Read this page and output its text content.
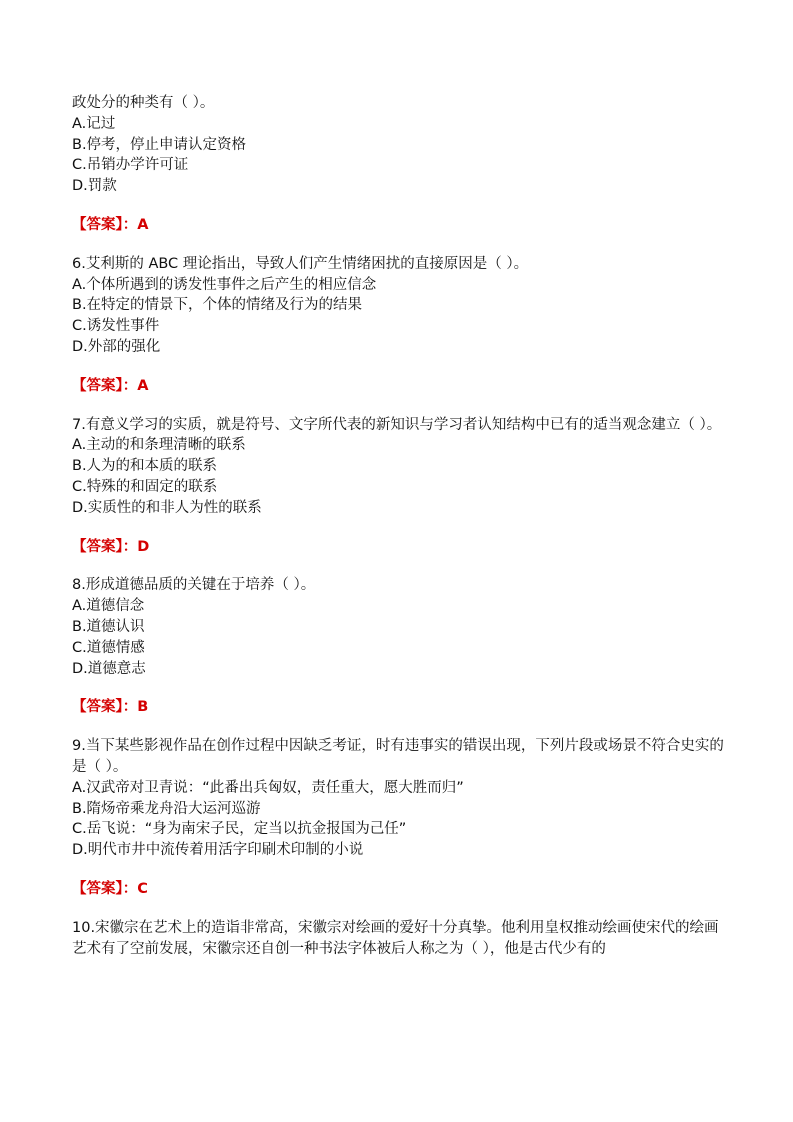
政处分的种类有（ ）。
A.记过
B.停考，停止申请认定资格
C.吊销办学许可证
D.罚款
【答案】：A
6.艾利斯的 ABC 理论指出，导致人们产生情绪困扰的直接原因是（ ）。
A.个体所遇到的诱发性事件之后产生的相应信念
B.在特定的情景下，个体的情绪及行为的结果
C.诱发性事件
D.外部的强化
【答案】：A
7.有意义学习的实质，就是符号、文字所代表的新知识与学习者认知结构中已有的适当观念建立（ ）。
A.主动的和条理清晰的联系
B.人为的和本质的联系
C.特殊的和固定的联系
D.实质性的和非人为性的联系
【答案】：D
8.形成道德品质的关键在于培养（ ）。
A.道德信念
B.道德认识
C.道德情感
D.道德意志
【答案】：B
9.当下某些影视作品在创作过程中因缺乏考证，时有违事实的错误出现，下列片段或场景不符合史实的是（ ）。
A.汉武帝对卫青说：“此番出兵匈奴，责任重大，愿大胜而归”
B.隋炀帝乘龙舟沿大运河巡游
C.岳飞说：“身为南宋子民，定当以抗金报国为己任”
D.明代市井中流传着用活字印刷术印制的小说
【答案】：C
10.宋徽宗在艺术上的造诣非常高，宋徽宗对绘画的爱好十分真挚。他利用皇权推动绘画使宋代的绘画艺术有了空前发展，宋徽宗还自创一种书法字体被后人称之为（ ），他是古代少有的
